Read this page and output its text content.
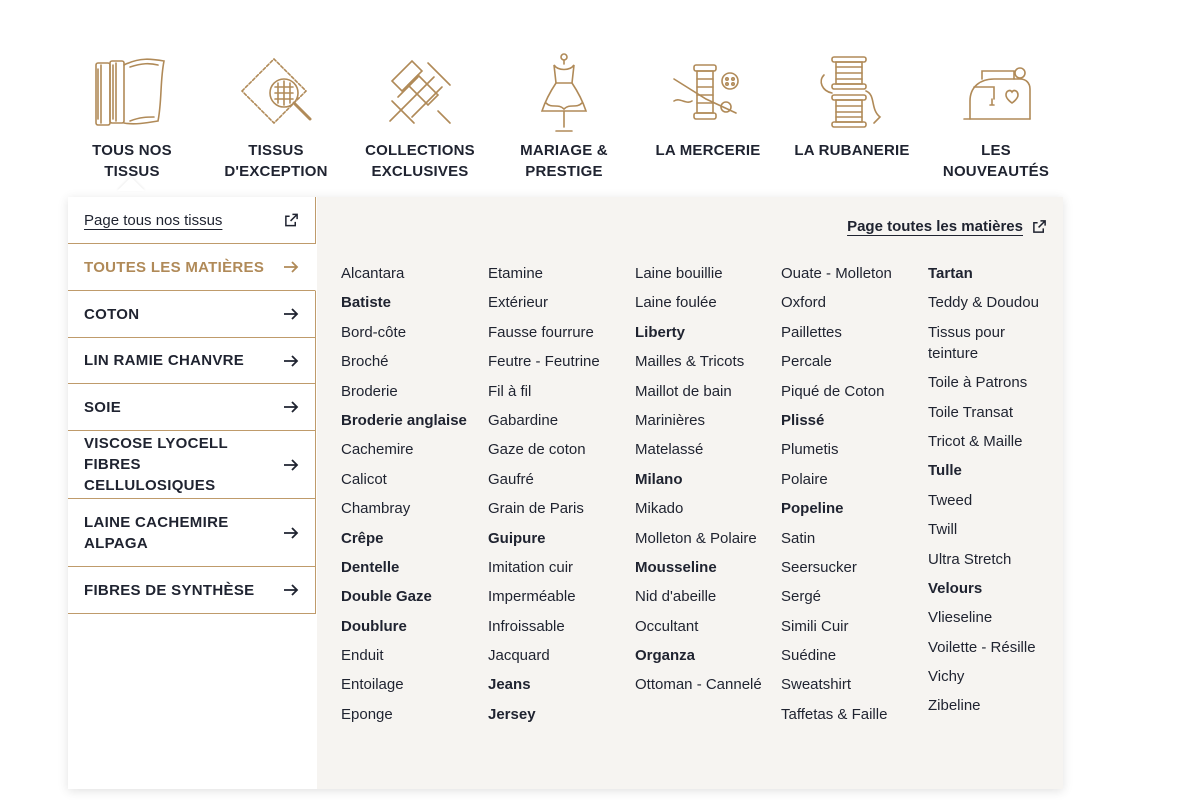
TOUS NOS
TISSUS
TISSUS
D'EXCEPTION
COLLECTIONS
EXCLUSIVES
MARIAGE &
PRESTIGE
LA MERCERIE	LA RUBANERIE	LES
NOUVEAUTÉS
Page tous nos tissus
TOUTES LES MATIÈRES
COTON
LIN RAMIE CHANVRE
SOIE
VISCOSE LYOCELL FIBRES CELLULOSIQUES
LAINE CACHEMIRE ALPAGA
FIBRES DE SYNTHÈSE
Page toutes les matières
Alcantara
Batiste
Bord-côte
Broché
Broderie
Broderie anglaise
Cachemire
Calicot
Chambray
Crêpe
Dentelle
Double Gaze
Doublure
Enduit
Entoilage
Eponge
Etamine
Extérieur
Fausse fourrure
Feutre - Feutrine
Fil à fil
Gabardine
Gaze de coton
Gaufré
Grain de Paris
Guipure
Imitation cuir
Imperméable
Infroissable
Jacquard
Jeans
Jersey
Laine bouillie
Laine foulée
Liberty
Mailles & Tricots
Maillot de bain
Marinières
Matelassé
Milano
Mikado
Molleton & Polaire
Mousseline
Nid d'abeille
Occultant
Organza
Ottoman - Cannelé
Ouate - Molleton
Oxford
Paillettes
Percale
Piqué de Coton
Plissé
Plumetis
Polaire
Popeline
Satin
Seersucker
Sergé
Simili Cuir
Suédine
Sweatshirt
Taffetas & Faille
Tartan
Teddy & Doudou
Tissus pour teinture
Toile à Patrons
Toile Transat
Tricot & Maille
Tulle
Tweed
Twill
Ultra Stretch
Velours
Vlieseline
Voilette - Résille
Vichy
Zibeline
